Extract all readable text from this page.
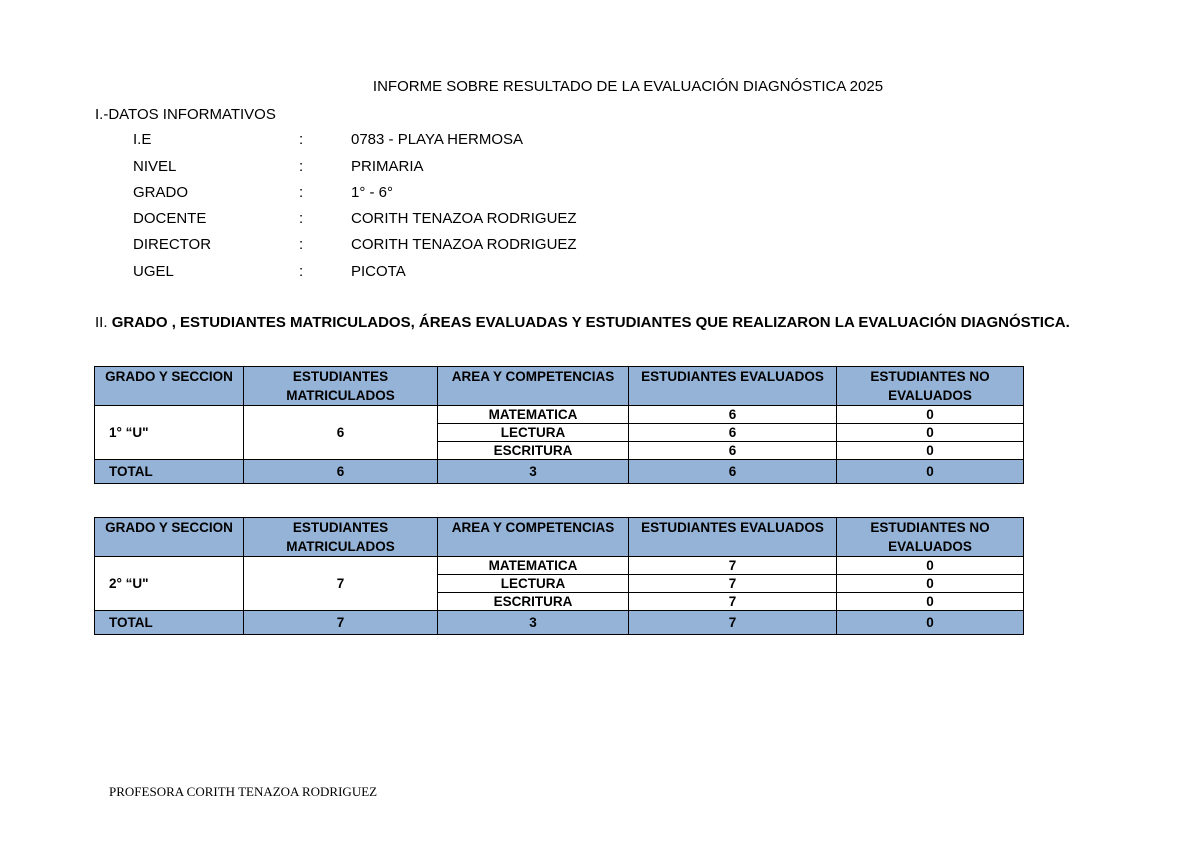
INFORME SOBRE RESULTADO DE LA EVALUACIÓN DIAGNÓSTICA 2025
I.-DATOS INFORMATIVOS
I.E	:	0783 - PLAYA HERMOSA
NIVEL	:	PRIMARIA
GRADO	:	1° - 6°
DOCENTE	:	CORITH TENAZOA RODRIGUEZ
DIRECTOR	:	CORITH TENAZOA RODRIGUEZ
UGEL	:	PICOTA
II. GRADO , ESTUDIANTES MATRICULADOS, ÁREAS EVALUADAS Y ESTUDIANTES QUE REALIZARON LA EVALUACIÓN DIAGNÓSTICA.
GRADO Y SECCION	ESTUDIANTES MATRICULADOS	AREA Y COMPETENCIAS	ESTUDIANTES EVALUADOS	ESTUDIANTES NO EVALUADOS
1° “U"	6	MATEMATICA	6	0
		LECTURA	6	0
		ESCRITURA	6	0
TOTAL	6	3	6	0
GRADO Y SECCION	ESTUDIANTES MATRICULADOS	AREA Y COMPETENCIAS	ESTUDIANTES EVALUADOS	ESTUDIANTES NO EVALUADOS
2° “U"	7	MATEMATICA	7	0
		LECTURA	7	0
		ESCRITURA	7	0
TOTAL	7	3	7	0
PROFESORA CORITH TENAZOA RODRIGUEZ
